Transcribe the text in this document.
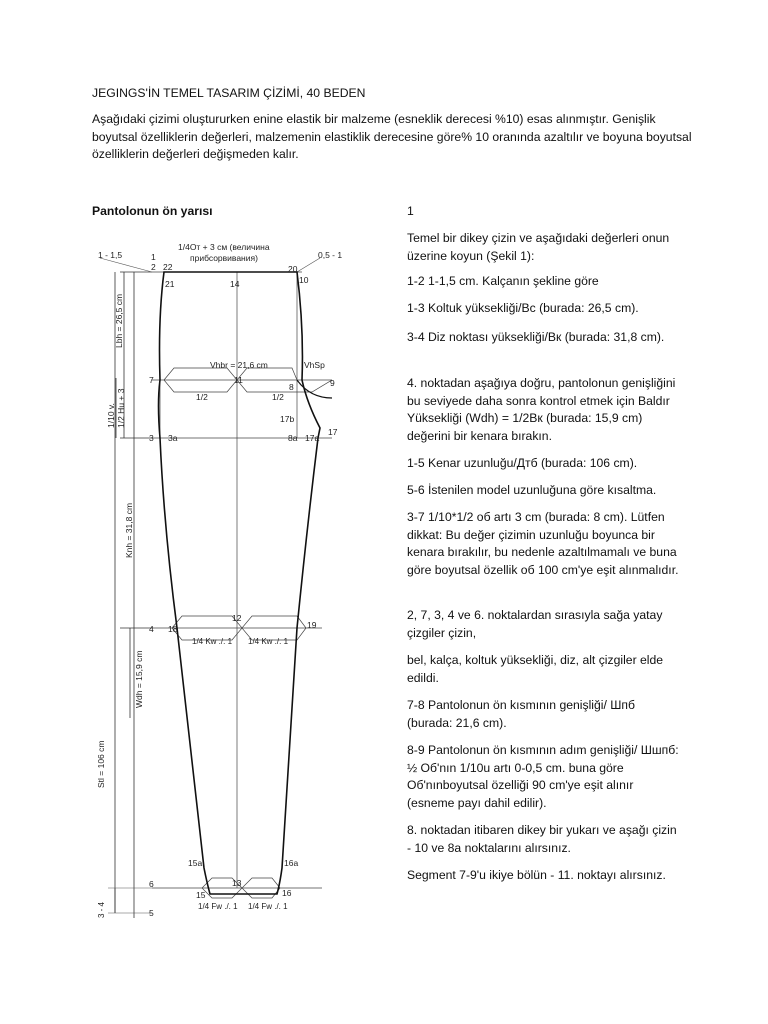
JEGINGS'İN TEMEL TASARIM ÇİZİMİ, 40 BEDEN

Aşağıdaki çizimi oluştururken enine elastik bir malzeme (esneklik derecesi %10) esas alınmıştır. Genişlik boyutsal özelliklerin değerleri, malzemenin elastiklik derecesine göre% 10 oranında azaltılır ve boyuna boyutsal özelliklerin değerleri değişmeden kalır.

Pantolonun ön yarısı	1

Temel bir dikey çizin ve aşağıdaki değerleri onun üzerine koyun (Şekil 1):

1-2 1-1,5 cm. Kalçanın şekline göre

1-3 Koltuk yüksekliği/Вс (burada: 26,5 cm).

3-4 Diz noktası yüksekliği/Вк (burada: 31,8 cm).

4. noktadan aşağıya doğru, pantolonun genişliğini bu seviyede daha sonra kontrol etmek için Baldır Yüksekliği (Wdh) = 1/2Вк (burada: 15,9 cm) değerini bir kenara bırakın.

1-5 Kenar uzunluğu/Дтб (burada: 106 cm).

5-6 İstenilen model uzunluğuna göre kısaltma.

3-7 1/10*1/2 об artı 3 cm (burada: 8 cm). Lütfen dikkat: Bu değer çizimin uzunluğu boyunca bir kenara bırakılır, bu nedenle azaltılmamalı ve buna göre boyutsal özellik об 100 cm'ye eşit alınmalıdır.

2, 7, 3, 4 ve 6. noktalardan sırasıyla sağa yatay çizgiler çizin,

bel, kalça, koltuk yüksekliği, diz, alt çizgiler elde edildi.

7-8 Pantolonun ön kısmının genişliği/ Шпб (burada: 21,6 cm).

8-9 Pantolonun ön kısmının adım genişliği/ Шшпб: ½ Об'nın 1/10u artı 0-0,5 cm. buna göre Об'nınboyutsal özelliği 90 cm'ye eşit alınır (esneme payı dahil edilir).

8. noktadan itibaren dikey bir yukarı ve aşağı çizin - 10 ve 8a noktalarını alırsınız.

Segment 7-9'u ikiye bölün - 11. noktayı alırsınız.

Lbh = 26,5 cm
1/10 v. 1/2 Hu + 3
Knh = 31,8 cm
Wdh = 15,9 cm
Stl = 106 cm
3 - 4
1 - 1,5	0,5 - 1
1/4От + 3 см (величина
прибсорвивания)
Vhbr = 21,6 cm	VhSp
1/2	1/2
1/4 Kw ./. 1 1/4 Kw ./. 1
1/4 Fw ./. 1 1/4 Fw ./. 1
2 22
1
21	14
20
10
7	11
8	9
17b
3 3a	8a 17a
17
4 18
12
19
15a	16a
6	13
15	16
5
